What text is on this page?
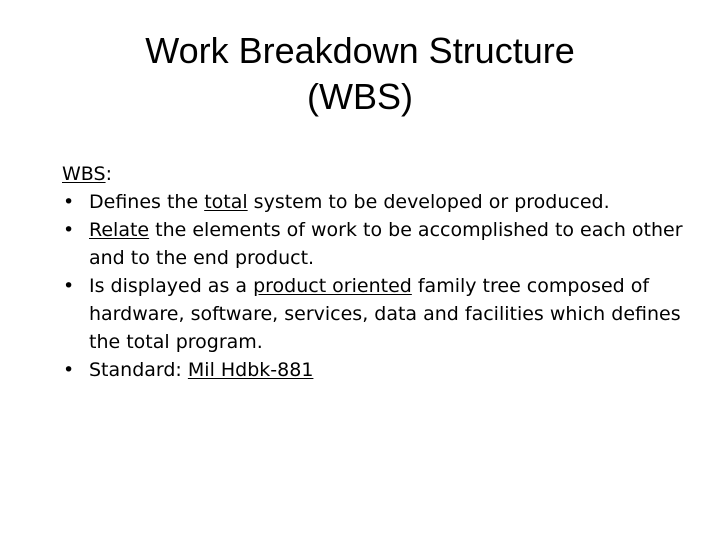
Work Breakdown Structure
(WBS)

WBS:

• Defines the total system to be developed or produced.
• Relate the elements of work to be accomplished to each other and to the end product.
• Is displayed as a product oriented family tree composed of hardware, software, services, data and facilities which defines the total program.
• Standard: Mil Hdbk-881
